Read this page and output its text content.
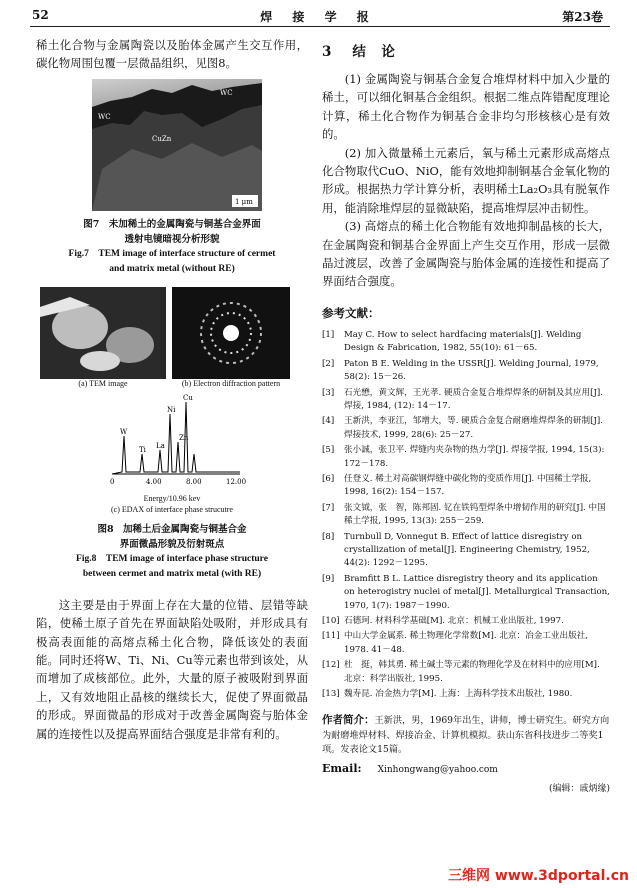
52	焊 接 学 报	第23卷

稀土化合物与金属陶瓷以及胎体金属产生交互作用，碳化物周围包覆一层微晶组织，见图8。

WC
WC
CuZn
1 μm
图7　未加稀土的金属陶瓷与铜基合金界面
透射电镜暗视分析形貌
Fig.7　TEM image of interface structure of cermet
and matrix metal (without RE)
(a) TEM image	(b) Electron diffraction pattern
Cu
W
Ti La
Ni
Zn
0	4.00	8.00	12.00
Energy/10.96 kev
(c) EDAX of interface phase strucutre
图8　加稀土后金属陶瓷与铜基合金
界面微晶形貌及衍射斑点
Fig.8　TEM image of interface phase structure
between cermet and matrix metal (with RE)

这主要是由于界面上存在大量的位错、层错等缺陷，使稀土原子首先在界面缺陷处吸附，并形成具有极高表面能的高熔点稀土化合物，降低该处的表面能。同时还将W、Ti、Ni、Cu等元素也带到该处，从而增加了成核部位。此外，大量的原子被吸附到界面上，又有效地阻止晶核的继续长大，促使了界面微晶的形成。界面微晶的形成对于改善金属陶瓷与胎体金属的连接性以及提高界面结合强度是非常有利的。

3 结　论

(1) 金属陶瓷与铜基合金复合堆焊材料中加入少量的稀土，可以细化铜基合金组织。根据二维点阵错配度理论计算，稀土化合物作为铜基合金非均匀形核核心是有效的。

(2) 加入微量稀土元素后，氧与稀土元素形成高熔点化合物取代CuO、NiO，能有效地抑制铜基合金氧化物的形成。根据热力学计算分析，表明稀土La₂O₃具有脱氧作用，能消除堆焊层的显微缺陷，提高堆焊层冲击韧性。

(3) 高熔点的稀土化合物能有效地抑制晶核的长大，在金属陶瓷和铜基合金界面上产生交互作用，形成一层微晶过渡层，改善了金属陶瓷与胎体金属的连接性和提高了界面结合强度。

参考文献：
[1]	May C. How to select hardfacing materials[J]. Welding Design & Fabrication, 1982, 55(10): 61－65.
[2]	Paton B E. Welding in the USSR[J]. Welding Journal, 1979, 58(2): 15－26.
[3]	石光懋，黄文辉，王光孝. 硬质合金复合堆焊焊条的研制及其应用[J]. 焊接, 1984, (12): 14－17.
[4]	王新洪，李亚江，邹增大，等. 硬质合金复合耐磨堆焊焊条的研制[J]. 焊接技术, 1999, 28(6): 25－27.
[5]	张小誠，张卫平. 焊缝内夹杂物的热力学[J]. 焊接学报, 1994, 15(3): 172－178.
[6]	任登义. 稀土对高碳钢焊缝中碳化物的变质作用[J]. 中国稀土学报, 1998, 16(2): 154－157.
[7]	张文钺，张　智，陈邦固. 钇在铁钨型焊条中增韧作用的研究[J]. 中国稀土学报, 1995, 13(3): 255－259.
[8]	Turnbull D, Vonnegut B. Effect of lattice disregistry on crystallization of metal[J]. Engineering Chemistry, 1952, 44(2): 1292－1295.
[9]	Bramfitt B L. Lattice disregistry theory and its application on heterogistry nuclei of metal[J]. Metallurgical Transaction, 1970, 1(7): 1987－1990.
[10] 石德珂. 材料科学基础[M]. 北京：机械工业出版社, 1997.
[11] 中山大学金属系. 稀土物理化学常数[M]. 北京：冶金工业出版社, 1978. 41－48.
[12] 杜　挺，韩其勇. 稀土碱土等元素的物理化学及在材料中的应用[M]. 北京：科学出版社, 1995.
[13] 魏寿昆. 冶金热力学[M]. 上海：上海科学技术出版社, 1980.
作者简介：王新洪，男，1969年出生，讲师，博士研究生。研究方向为耐磨堆焊材料、焊接冶金、计算机模拟。获山东省科技进步二等奖1项。发表论文15篇。
Email: Xinhongwang@yahoo.com
(编辑：戚炳缘)
三维网 www.3dportal.cn
